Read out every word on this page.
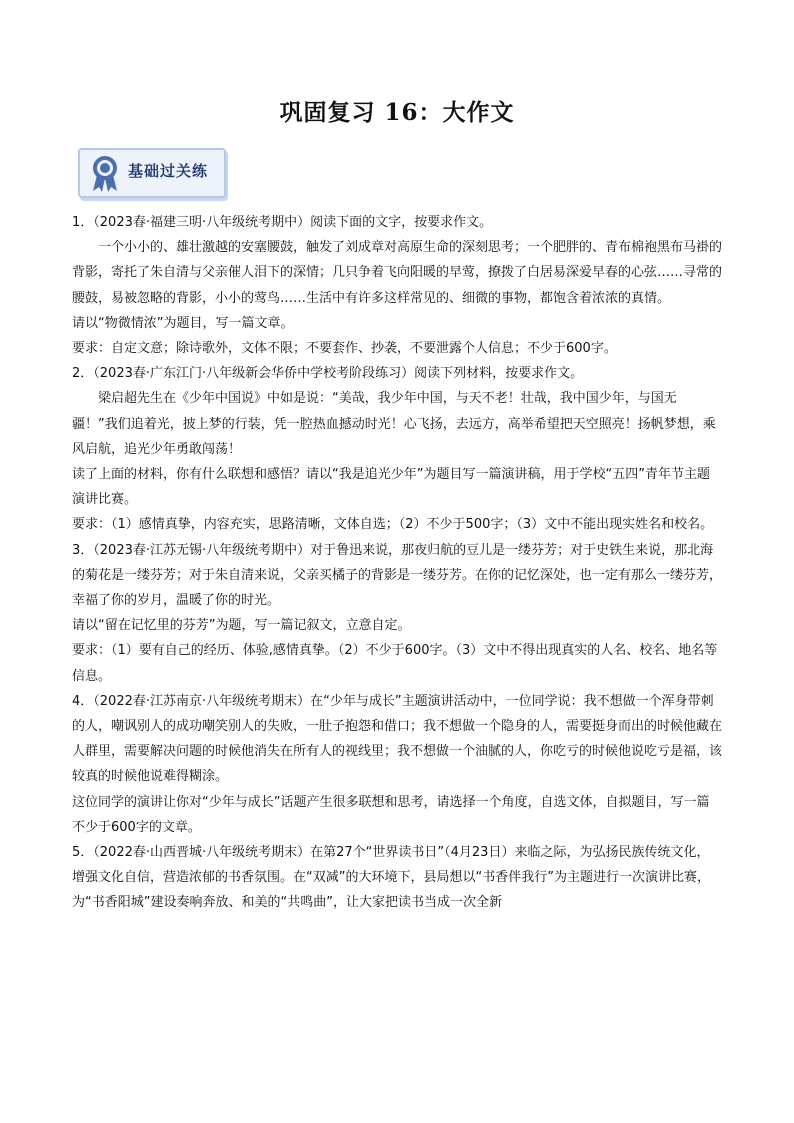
巩固复习 16：大作文
基础过关练

1．（2023春·福建三明·八年级统考期中）阅读下面的文字，按要求作文。

一个小小的、雄壮激越的安塞腰鼓，触发了刘成章对高原生命的深刻思考；一个肥胖的、青布棉袍黑布马褂的背影，寄托了朱自清与父亲催人泪下的深情；几只争着飞向阳暖的早莺，撩拨了白居易深爱早春的心弦……寻常的腰鼓，易被忽略的背影，小小的莺鸟……生活中有许多这样常见的、细微的事物，都饱含着浓浓的真情。

请以“物微情浓”为题目，写一篇文章。

要求：自定文意；除诗歌外，文体不限；不要套作、抄袭，不要泄露个人信息；不少于600字。

2．（2023春·广东江门·八年级新会华侨中学校考阶段练习）阅读下列材料，按要求作文。

梁启超先生在《少年中国说》中如是说：“美哉，我少年中国，与天不老！壮哉，我中国少年，与国无疆！”我们追着光，披上梦的行装，凭一腔热血撼动时光！心飞扬，去远方，高举希望把天空照亮！扬帆梦想，乘风启航，追光少年勇敢闯荡！

读了上面的材料，你有什么联想和感悟？请以“我是追光少年”为题目写一篇演讲稿，用于学校“五四”青年节主题演讲比赛。

要求：（1）感情真挚，内容充实，思路清晰，文体自选；（2）不少于500字；（3）文中不能出现实姓名和校名。

3．（2023春·江苏无锡·八年级统考期中）对于鲁迅来说，那夜归航的豆儿是一缕芬芳；对于史铁生来说，那北海的菊花是一缕芬芳；对于朱自清来说，父亲买橘子的背影是一缕芬芳。在你的记忆深处，也一定有那么一缕芬芳，幸福了你的岁月，温暖了你的时光。

请以“留在记忆里的芬芳”为题，写一篇记叙文，立意自定。

要求：（1）要有自己的经历、体验,感情真挚。（2）不少于600字。（3）文中不得出现真实的人名、校名、地名等信息。

4．（2022春·江苏南京·八年级统考期末）在“少年与成长”主题演讲活动中，一位同学说：我不想做一个浑身带刺的人，嘲讽别人的成功嘲笑别人的失败，一肚子抱怨和借口；我不想做一个隐身的人，需要挺身而出的时候他藏在人群里，需要解决问题的时候他消失在所有人的视线里；我不想做一个油腻的人，你吃亏的时候他说吃亏是福，该较真的时候他说难得糊涂。

这位同学的演讲让你对“少年与成长”话题产生很多联想和思考，请选择一个角度，自选文体，自拟题目，写一篇不少于600字的文章。

5．（2022春·山西晋城·八年级统考期末）在第27个“世界读书日”（4月23日）来临之际，为弘扬民族传统文化，增强文化自信，营造浓郁的书香氛围。在“双减”的大环境下，县局想以“书香伴我行”为主题进行一次演讲比赛，为“书香阳城”建设奏响奔放、和美的“共鸣曲”，让大家把读书当成一次全新
